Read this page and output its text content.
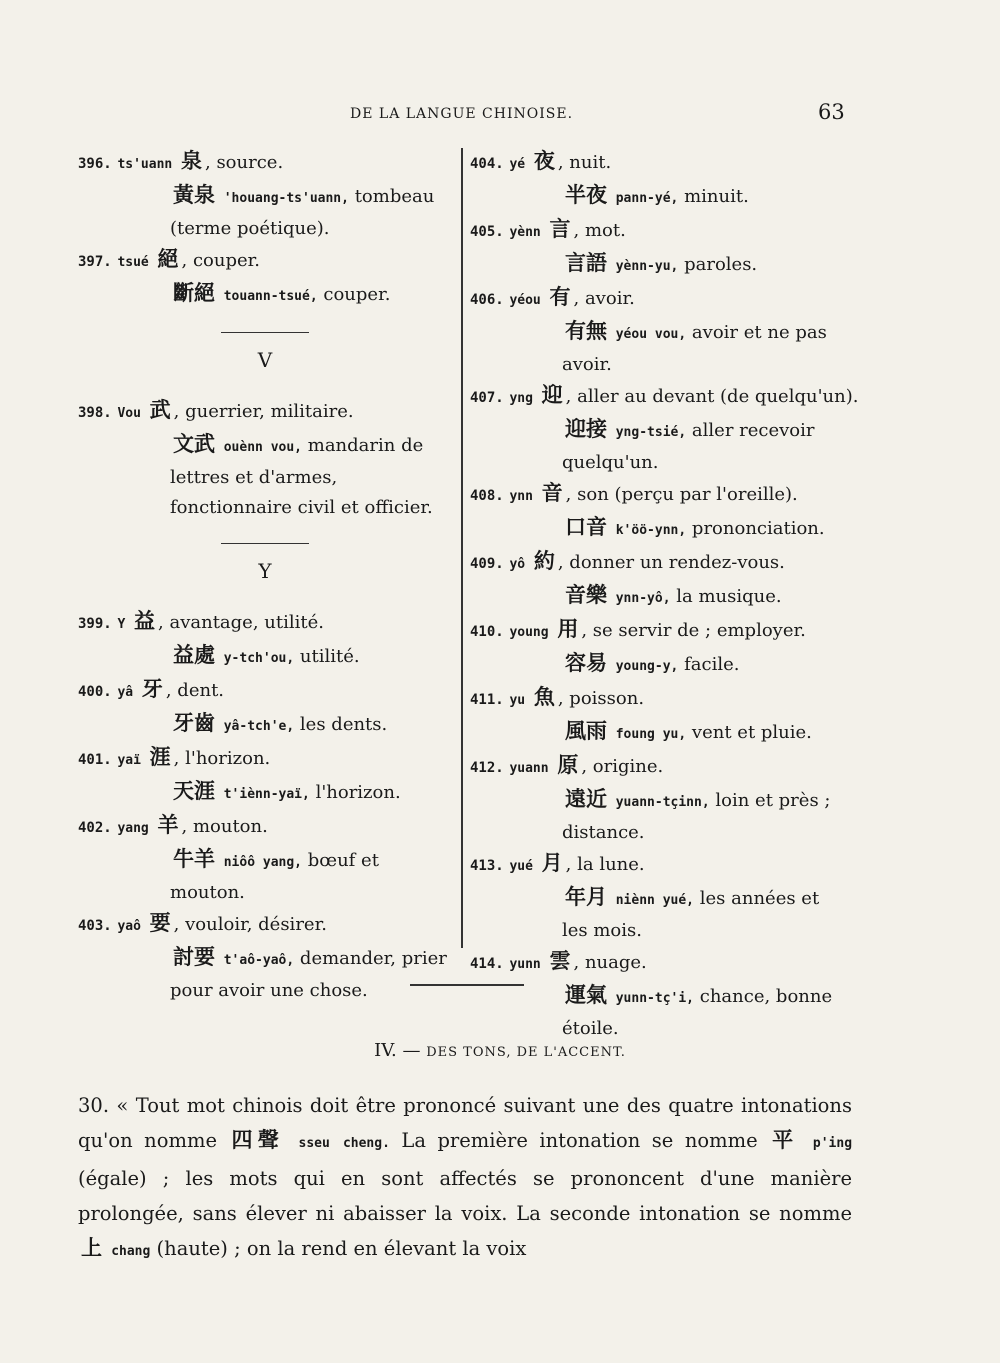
DE LA LANGUE CHINOISE.	63
396. ts'uann 泉 , source.
黃泉 'houang-ts'uann, tombeau (terme poétique).
397. tsué 絕 , couper.
斷絕 touann-tsué, couper.
V
398. Vou 武 , guerrier, militaire.
文武 ouènn vou, mandarin de lettres et d'armes, fonctionnaire civil et officier.
Y
399. Y 益 , avantage, utilité.
益處 y-tch'ou, utilité.
400. yâ 牙 , dent.
牙齒 yâ-tch'e, les dents.
401. yaï 涯 , l'horizon.
天涯 t'iènn-yaï, l'horizon.
402. yang 羊 , mouton.
牛羊 niôô yang, bœuf et mouton.
403. yaô 要 , vouloir, désirer.
討要 t'aô-yaô, demander, prier pour avoir une chose.
404. yé 夜 , nuit.
半夜 pann-yé, minuit.
405. yènn 言 , mot.
言語 yènn-yu, paroles.
406. yéou 有 , avoir.
有無 yéou vou, avoir et ne pas avoir.
407. yng 迎 , aller au devant (de quelqu'un).
迎接 yng-tsié, aller recevoir quelqu'un.
408. ynn 音 , son (perçu par l'oreille).
口音 k'öö-ynn, prononciation.
409. yô 約 , donner un rendez-vous.
音樂 ynn-yô, la musique.
410. young 用 , se servir de ; employer.
容易 young-y, facile.
411. yu 魚 , poisson.
風雨 foung yu, vent et pluie.
412. yuann 原 , origine.
遠近 yuann-tçinn, loin et près ; distance.
413. yué 月 , la lune.
年月 niènn yué, les années et les mois.
414. yunn 雲 , nuage.
運氣 yunn-tç'i, chance, bonne étoile.
IV. — DES TONS, DE L'ACCENT.
30. « Tout mot chinois doit être prononcé suivant une des quatre intonations qu'on nomme 四聲 sseu cheng. La première intonation se nomme 平 p'ing (égale) ; les mots qui en sont affectés se prononcent d'une manière prolongée, sans élever ni abaisser la voix. La seconde intonation se nomme 上 chang (haute) ; on la rend en élevant la voix
